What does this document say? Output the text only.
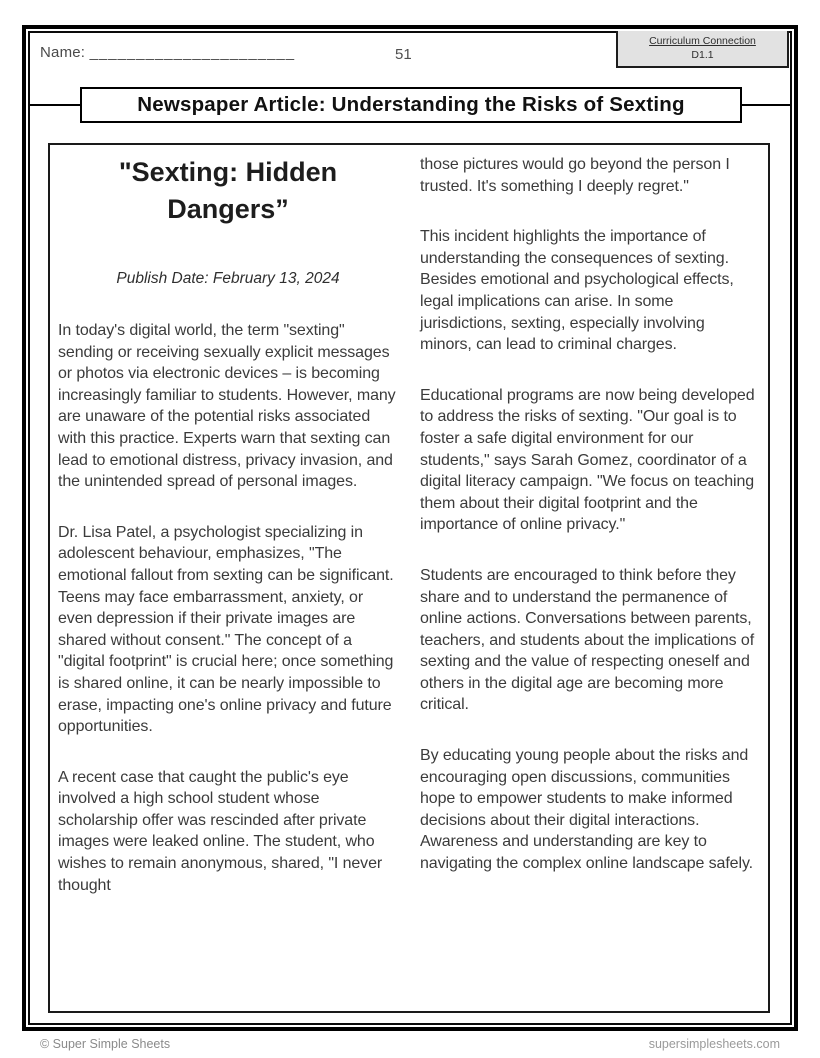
Name: ______________________	51
Curriculum Connection
D1.1
Newspaper Article: Understanding the Risks of Sexting
"Sexting: Hidden Dangers”
Publish Date: February 13, 2024

In today's digital world, the term "sexting" sending or receiving sexually explicit messages or photos via electronic devices – is becoming increasingly familiar to students. However, many are unaware of the potential risks associated with this practice. Experts warn that sexting can lead to emotional distress, privacy invasion, and the unintended spread of personal images.

Dr. Lisa Patel, a psychologist specializing in adolescent behaviour, emphasizes, "The emotional fallout from sexting can be significant. Teens may face embarrassment, anxiety, or even depression if their private images are shared without consent." The concept of a "digital footprint" is crucial here; once something is shared online, it can be nearly impossible to erase, impacting one's online privacy and future opportunities.

A recent case that caught the public's eye involved a high school student whose scholarship offer was rescinded after private images were leaked online. The student, who wishes to remain anonymous, shared, "I never thought

those pictures would go beyond the person I trusted. It's something I deeply regret."

This incident highlights the importance of understanding the consequences of sexting. Besides emotional and psychological effects, legal implications can arise. In some jurisdictions, sexting, especially involving minors, can lead to criminal charges.

Educational programs are now being developed to address the risks of sexting. "Our goal is to foster a safe digital environment for our students," says Sarah Gomez, coordinator of a digital literacy campaign. "We focus on teaching them about their digital footprint and the importance of online privacy."

Students are encouraged to think before they share and to understand the permanence of online actions. Conversations between parents, teachers, and students about the implications of sexting and the value of respecting oneself and others in the digital age are becoming more critical.

By educating young people about the risks and encouraging open discussions, communities hope to empower students to make informed decisions about their digital interactions. Awareness and understanding are key to navigating the complex online landscape safely.

© Super Simple Sheets	supersimplesheets.com
